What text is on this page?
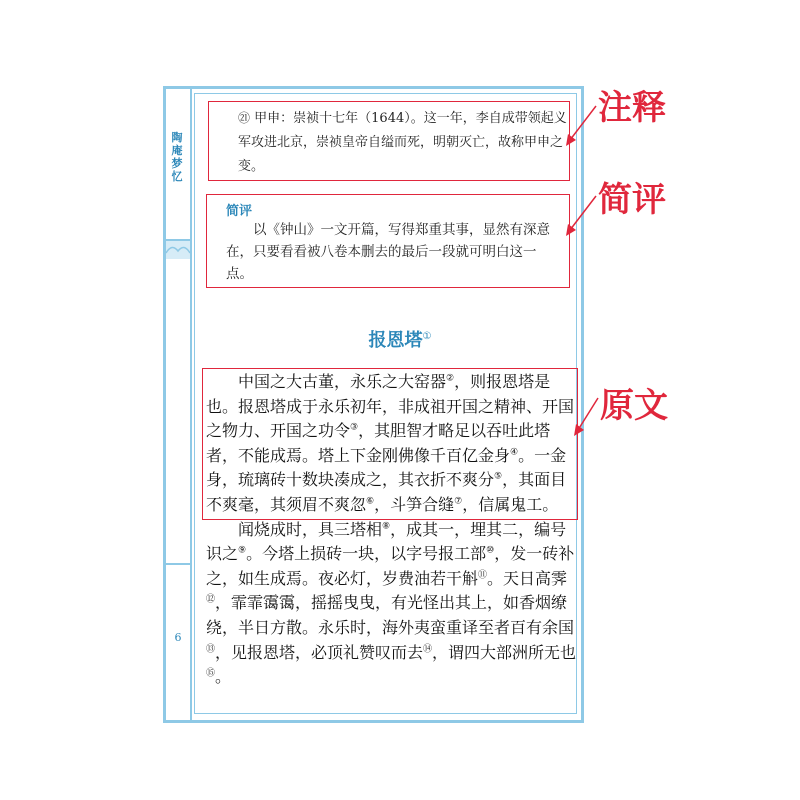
陶庵梦忆
6
㉑ 甲申：崇祯十七年（1644）。这一年，李自成带领起义军攻进北京，崇祯皇帝自缢而死，明朝灭亡，故称甲申之变。
简评
以《钟山》一文开篇，写得郑重其事，显然有深意在，只要看看被八卷本删去的最后一段就可明白这一点。
报恩塔①

中国之大古董，永乐之大窑器②，则报恩塔是也。报恩塔成于永乐初年，非成祖开国之精神、开国之物力、开国之功令③，其胆智才略足以吞吐此塔者，不能成焉。塔上下金刚佛像千百亿金身④。一金身，琉璃砖十数块凑成之，其衣折不爽分⑤，其面目不爽毫，其须眉不爽忽⑥，斗笋合缝⑦，信属鬼工。

闻烧成时，具三塔相⑧，成其一，埋其二，编号识之⑨。今塔上损砖一块，以字号报工部⑩，发一砖补之，如生成焉。夜必灯，岁费油若干斛⑪。天日高霁⑫，霏霏霭霭，摇摇曳曳，有光怪出其上，如香烟缭绕，半日方散。永乐时，海外夷蛮重译至者百有余国⑬，见报恩塔，必顶礼赞叹而去⑭，谓四大部洲所无也⑮。

注释
简评
原文
